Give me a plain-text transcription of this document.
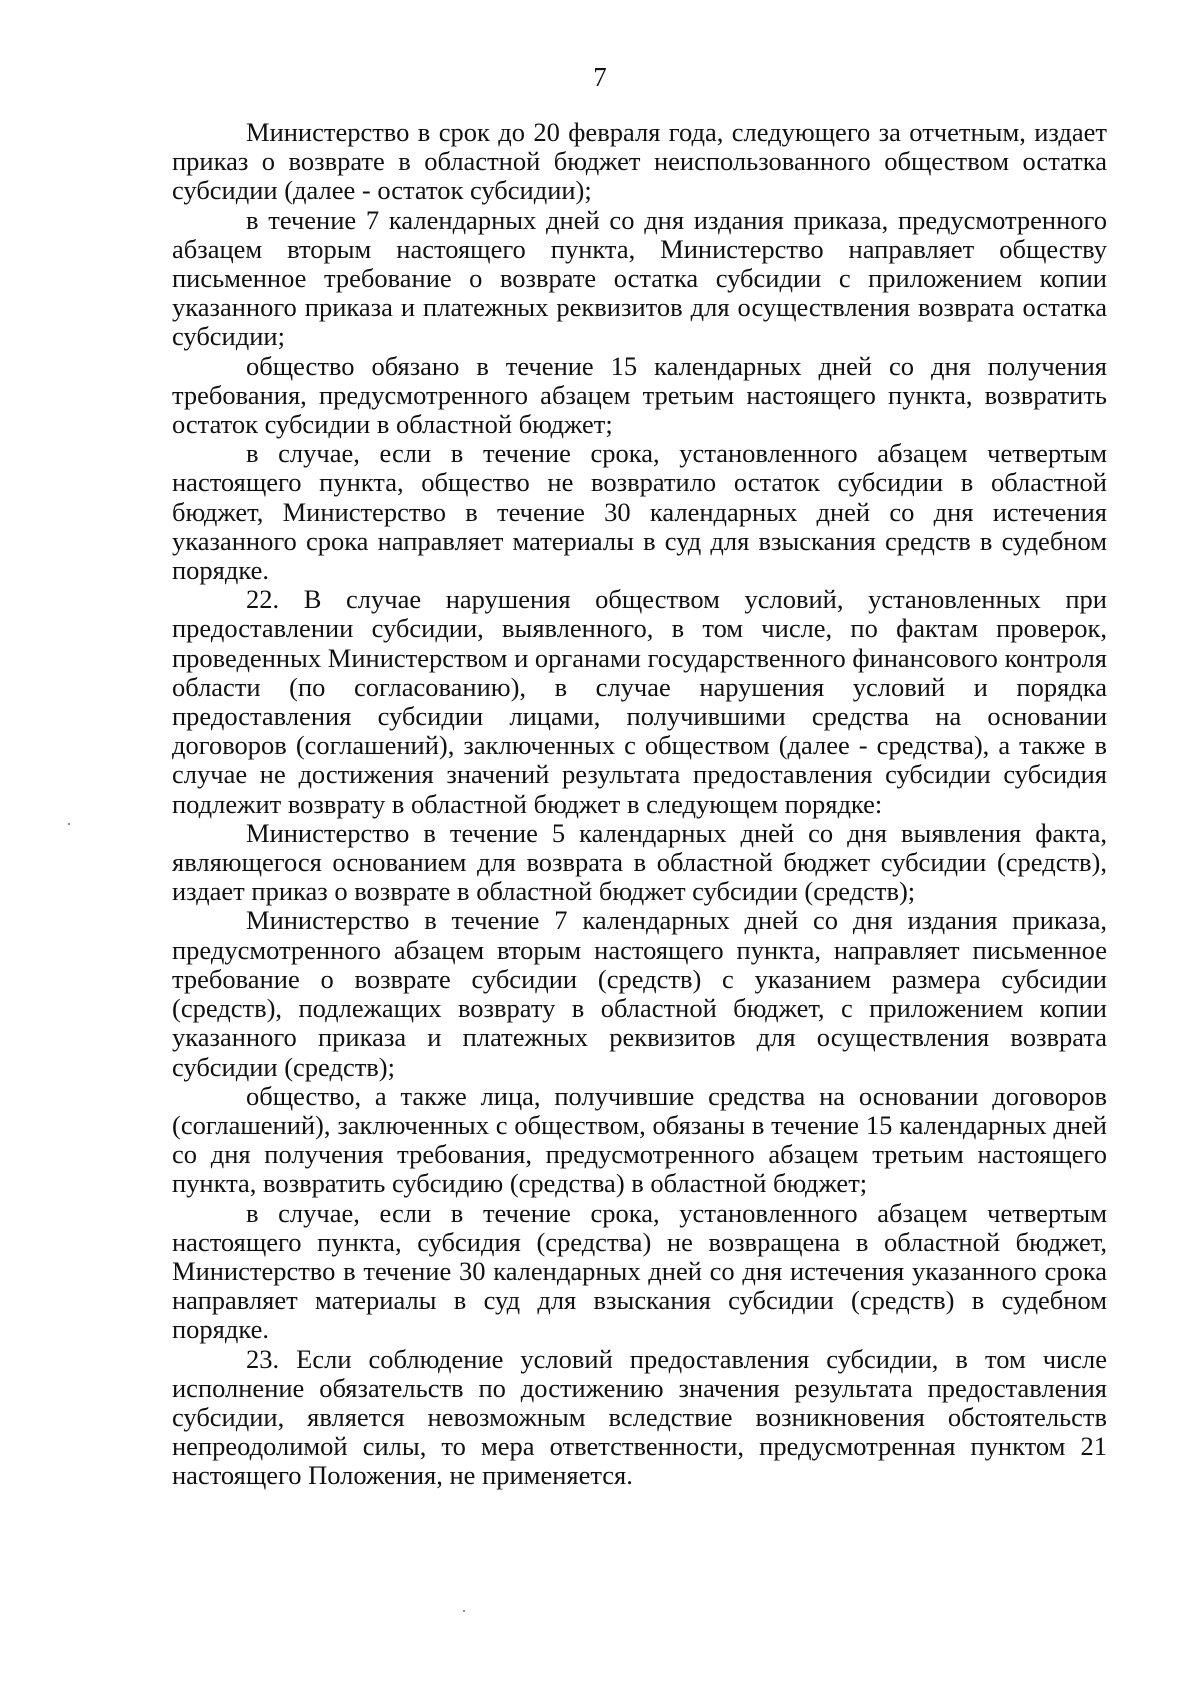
7

Министерство в срок до 20 февраля года, следующего за отчетным, издает приказ о возврате в областной бюджет неиспользованного обществом остатка субсидии (далее - остаток субсидии);

в течение 7 календарных дней со дня издания приказа, предусмотренного абзацем вторым настоящего пункта, Министерство направляет обществу письменное требование о возврате остатка субсидии с приложением копии указанного приказа и платежных реквизитов для осуществления возврата остатка субсидии;

общество обязано в течение 15 календарных дней со дня получения требования, предусмотренного абзацем третьим настоящего пункта, возвратить остаток субсидии в областной бюджет;

в случае, если в течение срока, установленного абзацем четвертым настоящего пункта, общество не возвратило остаток субсидии в областной бюджет, Министерство в течение 30 календарных дней со дня истечения указанного срока направляет материалы в суд для взыскания средств в судебном порядке.

22. В случае нарушения обществом условий, установленных при предоставлении субсидии, выявленного, в том числе, по фактам проверок, проведенных Министерством и органами государственного финансового контроля области (по согласованию), в случае нарушения условий и порядка предоставления субсидии лицами, получившими средства на основании договоров (соглашений), заключенных с обществом (далее - средства), а также в случае не достижения значений результата предоставления субсидии субсидия подлежит возврату в областной бюджет в следующем порядке:

Министерство в течение 5 календарных дней со дня выявления факта, являющегося основанием для возврата в областной бюджет субсидии (средств), издает приказ о возврате в областной бюджет субсидии (средств);

Министерство в течение 7 календарных дней со дня издания приказа, предусмотренного абзацем вторым настоящего пункта, направляет письменное требование о возврате субсидии (средств) с указанием размера субсидии (средств), подлежащих возврату в областной бюджет, с приложением копии указанного приказа и платежных реквизитов для осуществления возврата субсидии (средств);

общество, а также лица, получившие средства на основании договоров (соглашений), заключенных с обществом, обязаны в течение 15 календарных дней со дня получения требования, предусмотренного абзацем третьим настоящего пункта, возвратить субсидию (средства) в областной бюджет;

в случае, если в течение срока, установленного абзацем четвертым настоящего пункта, субсидия (средства) не возвращена в областной бюджет, Министерство в течение 30 календарных дней со дня истечения указанного срока направляет материалы в суд для взыскания субсидии (средств) в судебном порядке.

23. Если соблюдение условий предоставления субсидии, в том числе исполнение обязательств по достижению значения результата предоставления субсидии, является невозможным вследствие возникновения обстоятельств непреодолимой силы, то мера ответственности, предусмотренная пунктом 21 настоящего Положения, не применяется.
